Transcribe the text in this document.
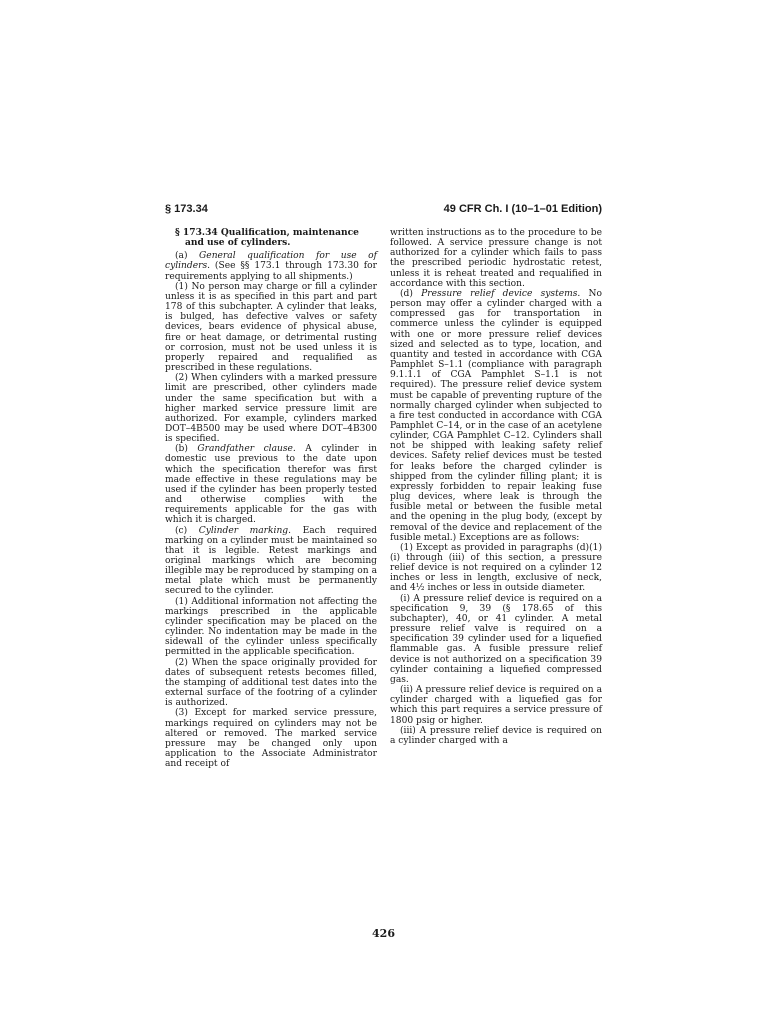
§ 173.34	49 CFR Ch. I (10–1–01 Edition)

§ 173.34 Qualification, maintenance and use of cylinders.

(a) General qualification for use of cylinders. (See §§ 173.1 through 173.30 for requirements applying to all shipments.)

(1) No person may charge or fill a cylinder unless it is as specified in this part and part 178 of this subchapter. A cylinder that leaks, is bulged, has defective valves or safety devices, bears evidence of physical abuse, fire or heat damage, or detrimental rusting or corrosion, must not be used unless it is properly repaired and requalified as prescribed in these regulations.

(2) When cylinders with a marked pressure limit are prescribed, other cylinders made under the same specification but with a higher marked service pressure limit are authorized. For example, cylinders marked DOT–4B500 may be used where DOT–4B300 is specified.

(b) Grandfather clause. A cylinder in domestic use previous to the date upon which the specification therefor was first made effective in these regulations may be used if the cylinder has been properly tested and otherwise complies with the requirements applicable for the gas with which it is charged.

(c) Cylinder marking. Each required marking on a cylinder must be maintained so that it is legible. Retest markings and original markings which are becoming illegible may be reproduced by stamping on a metal plate which must be permanently secured to the cylinder.

(1) Additional information not affecting the markings prescribed in the applicable cylinder specification may be placed on the cylinder. No indentation may be made in the sidewall of the cylinder unless specifically permitted in the applicable specification.

(2) When the space originally provided for dates of subsequent retests becomes filled, the stamping of additional test dates into the external surface of the footring of a cylinder is authorized.

(3) Except for marked service pressure, markings required on cylinders may not be altered or removed. The marked service pressure may be changed only upon application to the Associate Administrator and receipt of

written instructions as to the procedure to be followed. A service pressure change is not authorized for a cylinder which fails to pass the prescribed periodic hydrostatic retest, unless it is reheat treated and requalified in accordance with this section.

(d) Pressure relief device systems. No person may offer a cylinder charged with a compressed gas for transportation in commerce unless the cylinder is equipped with one or more pressure relief devices sized and selected as to type, location, and quantity and tested in accordance with CGA Pamphlet S–1.1 (compliance with paragraph 9.1.1.1 of CGA Pamphlet S–1.1 is not required). The pressure relief device system must be capable of preventing rupture of the normally charged cylinder when subjected to a fire test conducted in accordance with CGA Pamphlet C–14, or in the case of an acetylene cylinder, CGA Pamphlet C–12. Cylinders shall not be shipped with leaking safety relief devices. Safety relief devices must be tested for leaks before the charged cylinder is shipped from the cylinder filling plant; it is expressly forbidden to repair leaking fuse plug devices, where leak is through the fusible metal or between the fusible metal and the opening in the plug body, (except by removal of the device and replacement of the fusible metal.) Exceptions are as follows:

(1) Except as provided in paragraphs (d)(1) (i) through (iii) of this section, a pressure relief device is not required on a cylinder 12 inches or less in length, exclusive of neck, and 4½ inches or less in outside diameter.

(i) A pressure relief device is required on a specification 9, 39 (§ 178.65 of this subchapter), 40, or 41 cylinder. A metal pressure relief valve is required on a specification 39 cylinder used for a liquefied flammable gas. A fusible pressure relief device is not authorized on a specification 39 cylinder containing a liquefied compressed gas.

(ii) A pressure relief device is required on a cylinder charged with a liquefied gas for which this part requires a service pressure of 1800 psig or higher.

(iii) A pressure relief device is required on a cylinder charged with a

426
